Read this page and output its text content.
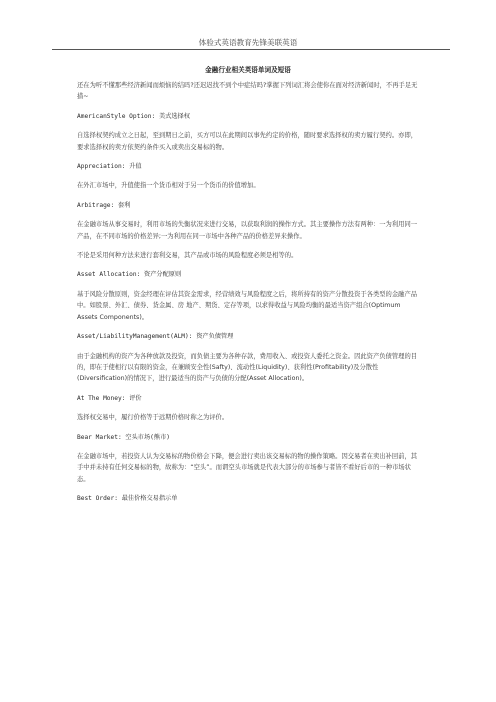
体验式英语教育先锋美联英语
金融行业相关英语单词及短语

还在为听不懂那些经济新闻而烦恼的结吗?还迟迟找不到个中症结吗?掌握下列词汇将会使你在面对经济新闻时，不再手足无措~

AmericanStyle Option: 美式选择权

自选择权契约成立之日起，至到期日之前，买方可以在此期间以事先约定的价格，随时要求选择权的卖方履行契约。亦即，要求选择权的卖方依契约条件买入或卖出交易标的物。

Appreciation: 升值

在外汇市场中，升值使指一个货币相对于另一个货币的价值增加。

Arbitrage: 套利

在金融市场从事交易时，利用市场的失衡状况来进行交易，以获取利润的操作方式。其主要操作方法有两种：一为利用同一产品，在不同市场的价格差异;一为利用在同一市场中各种产品的价格差异来操作。

不论是采用何种方法来进行套利交易，其产品或市场的风险程度必须是相等的。

Asset Allocation: 资产分配原则

基于风险分散原则，资金经理在评估其资金需求，经营绩效与风险程度之后，将所持有的资产分散投资于各类型的金融产品中。如股票、外汇、债券、货金属、房 地产、期货、定存等项，以求得收益与风险均衡的最适当资产组合(Optimum Assets Components)。

Asset/LiabilityManagement(ALM): 资产负债管理

由于金融机构的资产为各种放款及投资，而负债主要为各种存款，费用收入、或投资人委托之资金。因此资产负债管理的目的，即在于使相行以有限的资金，在兼顾安全性(Safty)、流动性(Liquidity)、获利性(Profitability)及分散性(Diversification)的情况下，进行最适当的资产与负债的分配(Asset Allocation)。

At The Money: 评价

选择权交易中，履行价格等于远期价格时称之为评价。

Bear Market: 空头市场(熊市)

在金融市场中，若投资人认为交易标的物价格会下降，便会进行卖出该交易标的物的操作策略。因交易者在卖出补回前，其手中并未持有任何交易标的物，故称为：“空头”。而谓空头市场就是代表大部分的市场参与者皆不看好后市的一种市场状态。

Best Order: 最佳价格交易指示单
